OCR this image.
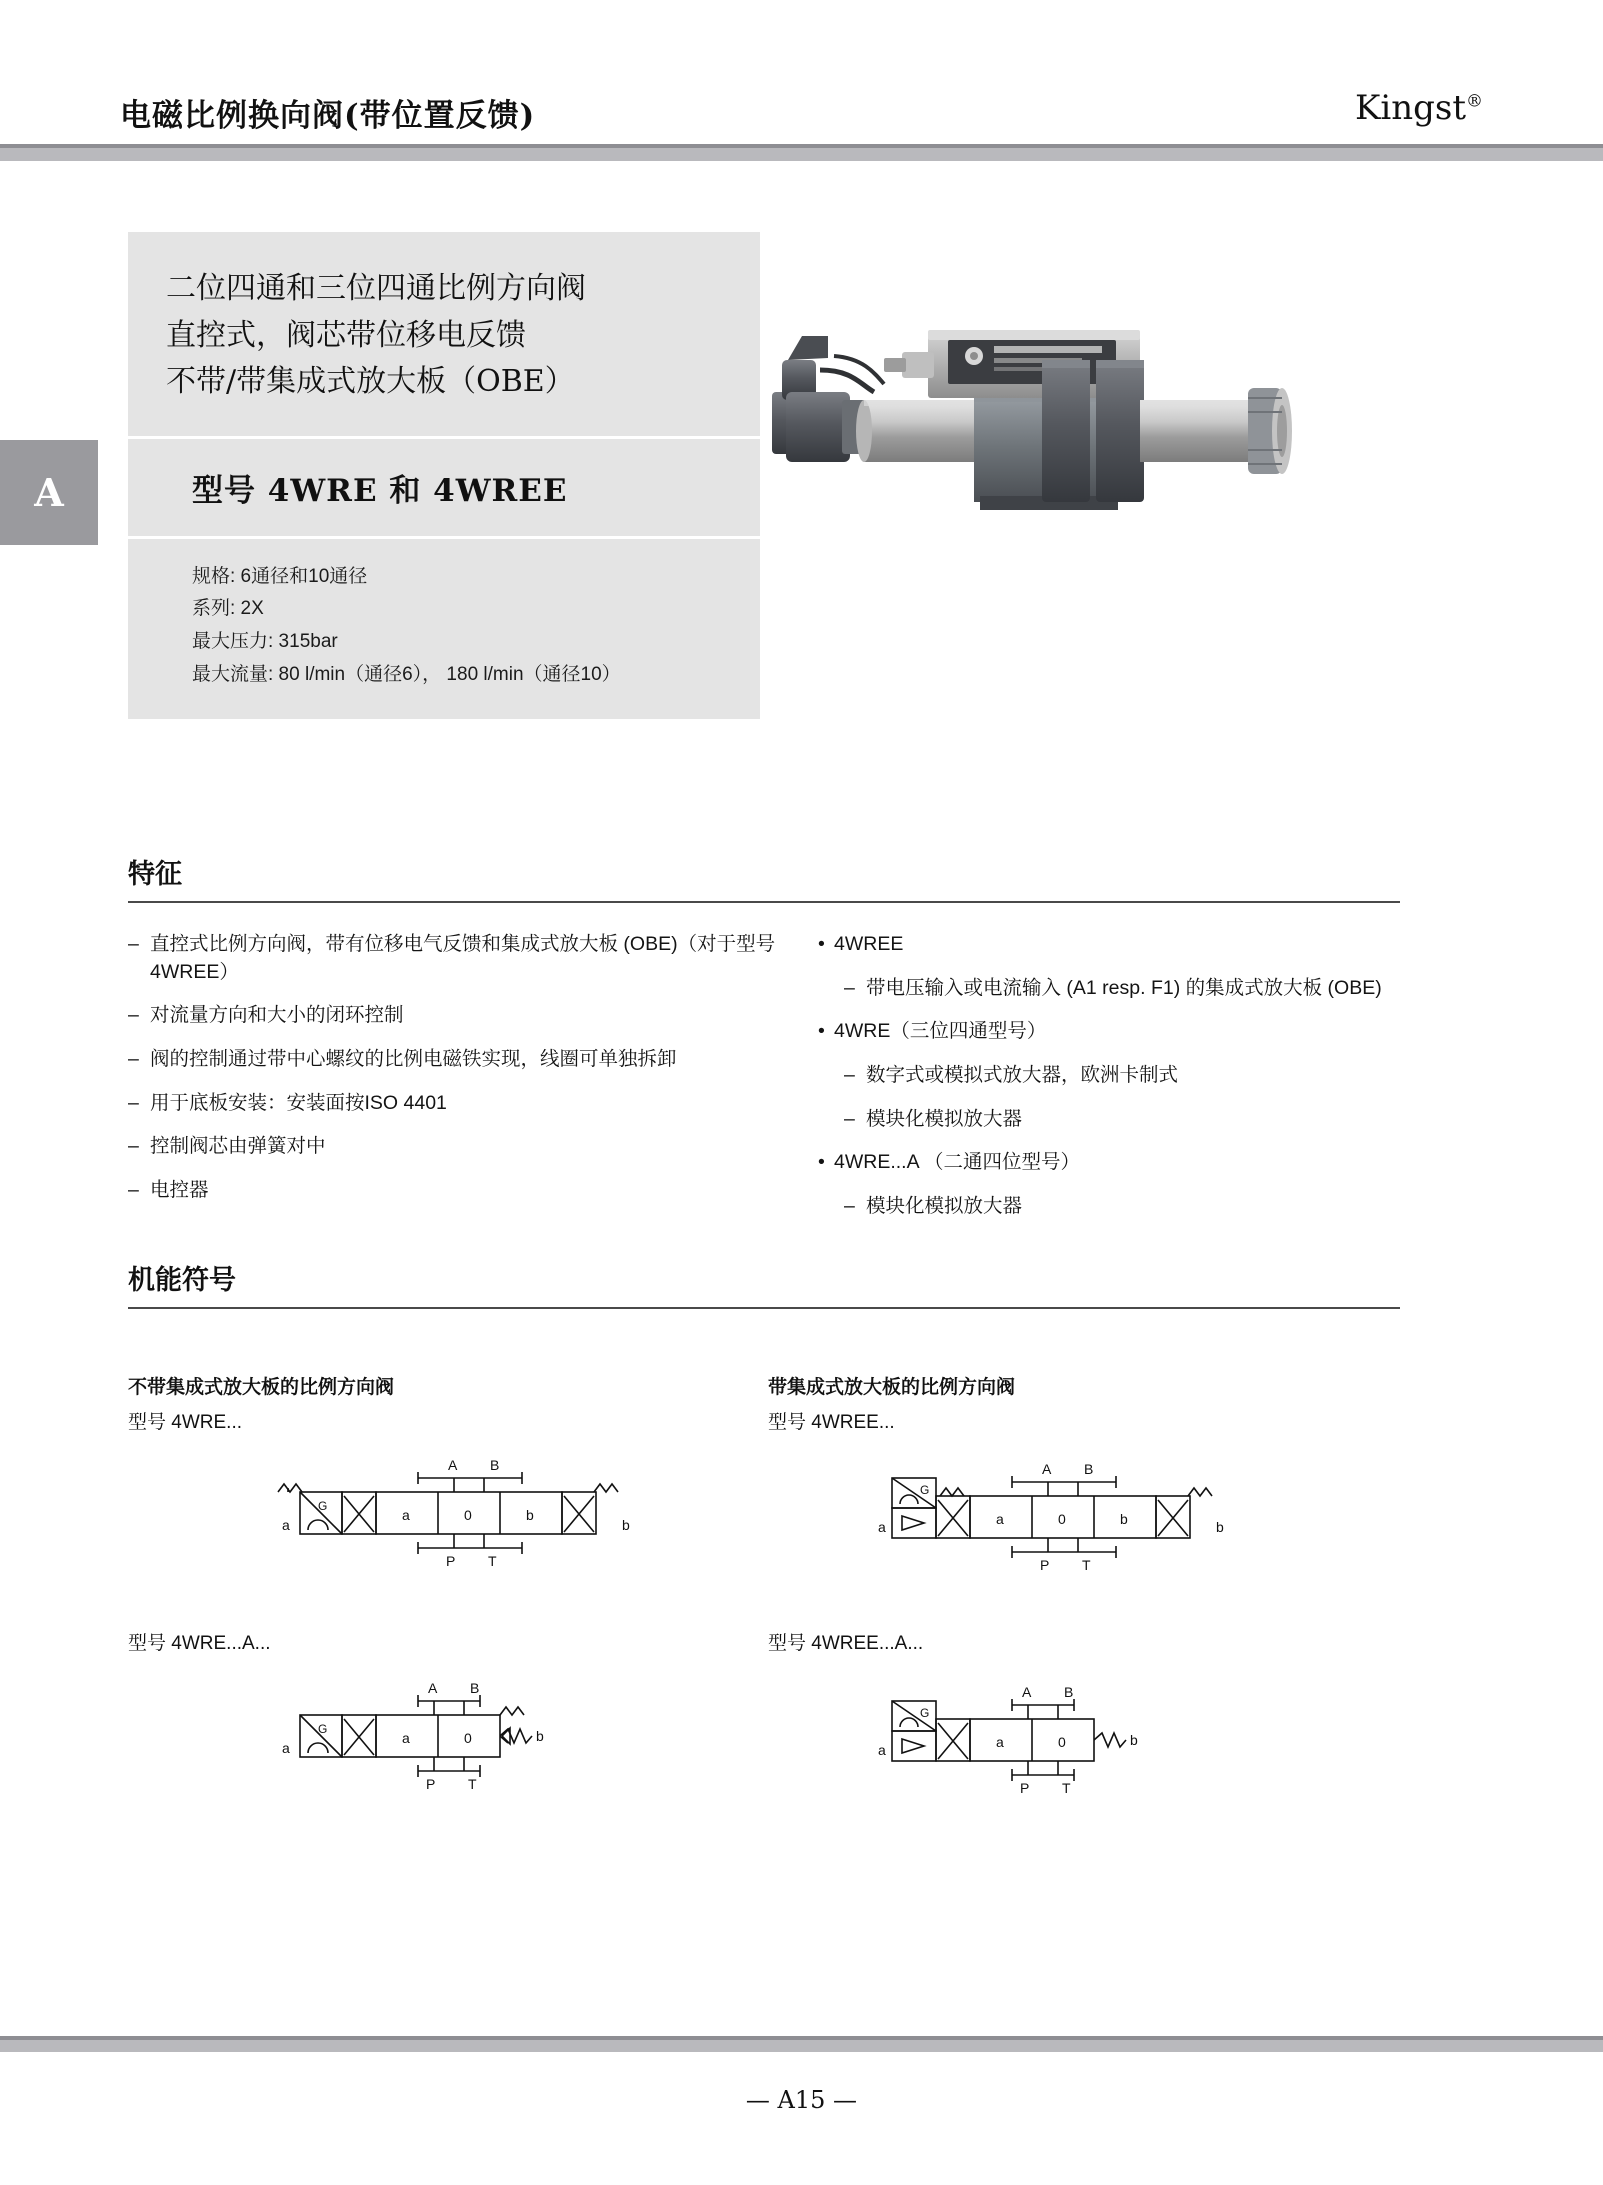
电磁比例换向阀(带位置反馈)	Kingst®
A
二位四通和三位四通比例方向阀
直控式，阀芯带位移电反馈
不带/带集成式放大板（OBE）
型号 4WRE 和 4WREE
规格: 6通径和10通径
系列: 2X
最大压力: 315bar
最大流量: 80 l/min（通径6）， 180 l/min（通径10）
特征
– 直控式比例方向阀，带有位移电气反馈和集成式放大板 (OBE)（对于型号 4WREE）
– 对流量方向和大小的闭环控制
– 阀的控制通过带中心螺纹的比例电磁铁实现，线圈可单独拆卸
– 用于底板安装：安装面按ISO 4401
– 控制阀芯由弹簧对中
– 电控器
• 4WREE
– 带电压输入或电流输入 (A1 resp. F1) 的集成式放大板 (OBE)
• 4WRE（三位四通型号）
– 数字式或模拟式放大器，欧洲卡制式
– 模块化模拟放大器
• 4WRE...A （二通四位型号）
– 模块化模拟放大器
机能符号
不带集成式放大板的比例方向阀
型号 4WRE...
a	b
G
a	0	b
A B
P T
带集成式放大板的比例方向阀
型号 4WREE...
a	b
G
a	0	b
A B
P T
型号 4WRE...A...
a
b
G
a	0
A B
P T
型号 4WREE...A...
a
b
G
a	0
A B
P T
— A15 —
